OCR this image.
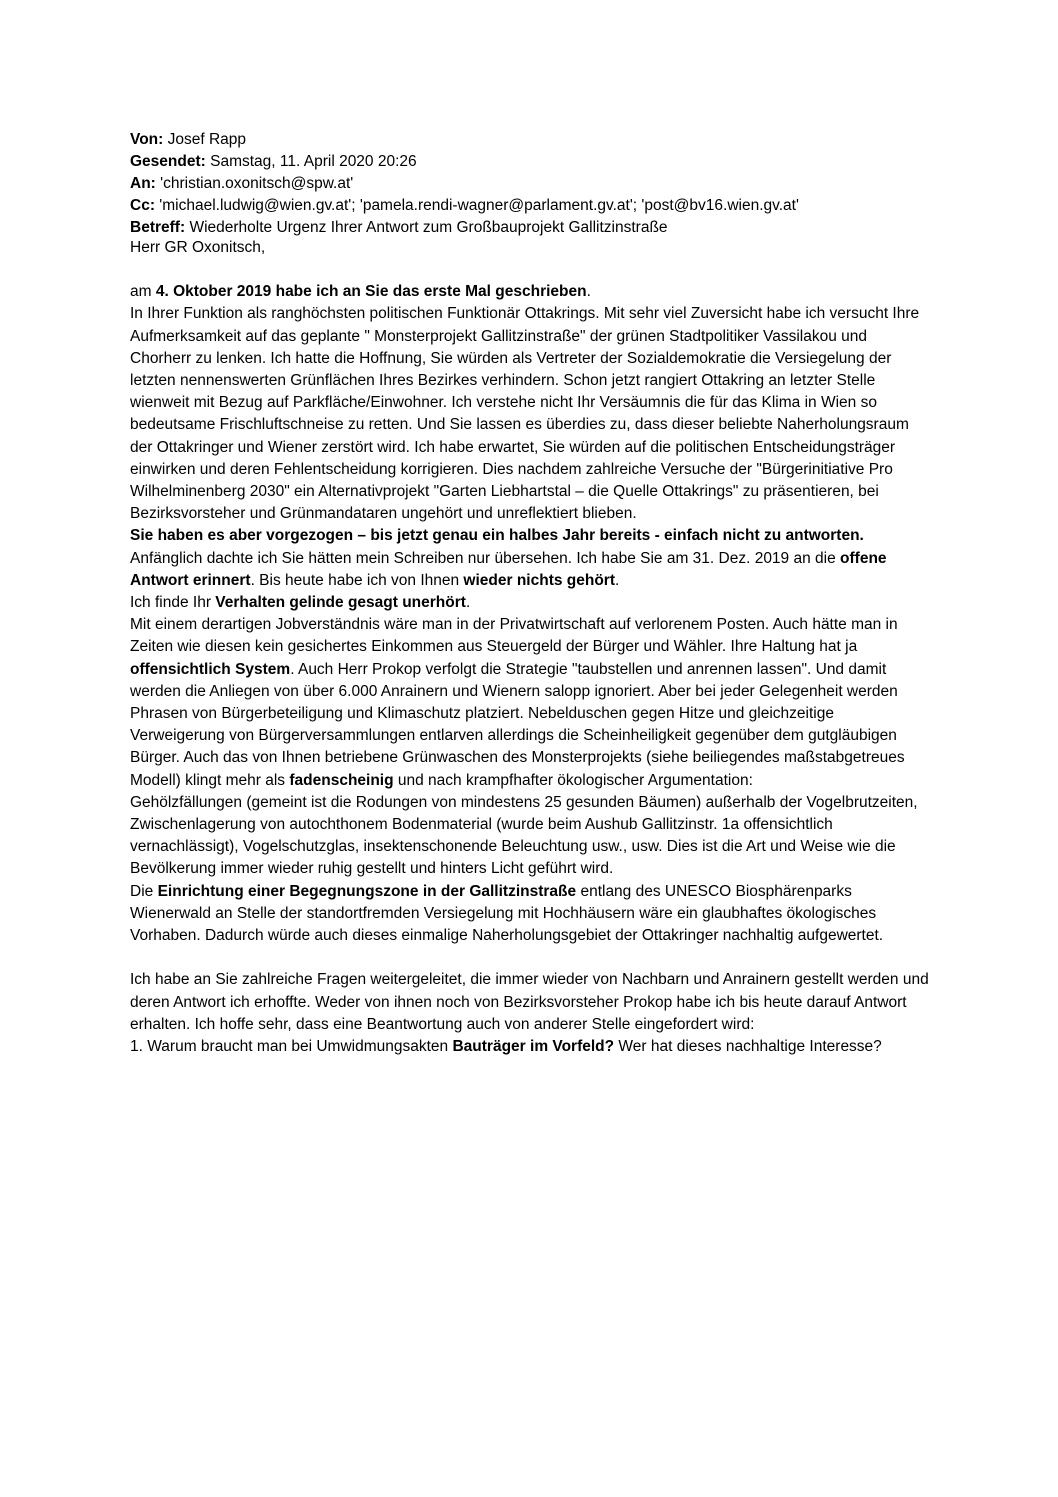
Von: Josef Rapp
Gesendet: Samstag, 11. April 2020 20:26
An: 'christian.oxonitsch@spw.at'
Cc: 'michael.ludwig@wien.gv.at'; 'pamela.rendi-wagner@parlament.gv.at'; 'post@bv16.wien.gv.at'
Betreff: Wiederholte Urgenz Ihrer Antwort zum Großbauprojekt Gallitzinstraße

Herr GR Oxonitsch,

am 4. Oktober 2019 habe ich an Sie das erste Mal geschrieben.

In Ihrer Funktion als ranghöchsten politischen Funktionär Ottakrings. Mit sehr viel Zuversicht habe ich versucht Ihre Aufmerksamkeit auf das geplante " Monsterprojekt Gallitzinstraße" der grünen Stadtpolitiker Vassilakou und Chorherr zu lenken. Ich hatte die Hoffnung, Sie würden als Vertreter der Sozialdemokratie die Versiegelung der letzten nennenswerten Grünflächen Ihres Bezirkes verhindern. Schon jetzt rangiert Ottakring an letzter Stelle wienweit mit Bezug auf Parkfläche/Einwohner. Ich verstehe nicht Ihr Versäumnis die für das Klima in Wien so bedeutsame Frischluftschneise zu retten. Und Sie lassen es überdies zu, dass dieser beliebte Naherholungsraum der Ottakringer und Wiener zerstört wird. Ich habe erwartet, Sie würden auf die politischen Entscheidungsträger einwirken und deren Fehlentscheidung korrigieren. Dies nachdem zahlreiche Versuche der "Bürgerinitiative Pro Wilhelminenberg 2030" ein Alternativprojekt "Garten Liebhartstal – die Quelle Ottakrings" zu präsentieren, bei Bezirksvorsteher und Grünmandataren ungehört und unreflektiert blieben.

Sie haben es aber vorgezogen – bis jetzt genau ein halbes Jahr bereits - einfach nicht zu antworten.

Anfänglich dachte ich Sie hätten mein Schreiben nur übersehen. Ich habe Sie am 31. Dez. 2019 an die offene Antwort erinnert. Bis heute habe ich von Ihnen wieder nichts gehört.

Ich finde Ihr Verhalten gelinde gesagt unerhört.

Mit einem derartigen Jobverständnis wäre man in der Privatwirtschaft auf verlorenem Posten. Auch hätte man in Zeiten wie diesen kein gesichertes Einkommen aus Steuergeld der Bürger und Wähler. Ihre Haltung hat ja offensichtlich System. Auch Herr Prokop verfolgt die Strategie "taubstellen und anrennen lassen". Und damit werden die Anliegen von über 6.000 Anrainern und Wienern salopp ignoriert. Aber bei jeder Gelegenheit werden Phrasen von Bürgerbeteiligung und Klimaschutz platziert. Nebelduschen gegen Hitze und gleichzeitige Verweigerung von Bürgerversammlungen entlarven allerdings die Scheinheiligkeit gegenüber dem gutgläubigen Bürger. Auch das von Ihnen betriebene Grünwaschen des Monsterprojekts (siehe beiliegendes maßstabgetreues Modell) klingt mehr als fadenscheinig und nach krampfhafter ökologischer Argumentation:

Gehölzfällungen (gemeint ist die Rodungen von mindestens 25 gesunden Bäumen) außerhalb der Vogelbrutzeiten, Zwischenlagerung von autochthonem Bodenmaterial (wurde beim Aushub Gallitzinstr. 1a offensichtlich vernachlässigt), Vogelschutzglas, insektenschonende Beleuchtung usw., usw. Dies ist die Art und Weise wie die Bevölkerung immer wieder ruhig gestellt und hinters Licht geführt wird.

Die Einrichtung einer Begegnungszone in der Gallitzinstraße entlang des UNESCO Biosphärenparks Wienerwald an Stelle der standortfremden Versiegelung mit Hochhäusern wäre ein glaubhaftes ökologisches Vorhaben. Dadurch würde auch dieses einmalige Naherholungsgebiet der Ottakringer nachhaltig aufgewertet.

Ich habe an Sie zahlreiche Fragen weitergeleitet, die immer wieder von Nachbarn und Anrainern gestellt werden und deren Antwort ich erhoffte. Weder von ihnen noch von Bezirksvorsteher Prokop habe ich bis heute darauf Antwort erhalten. Ich hoffe sehr, dass eine Beantwortung auch von anderer Stelle eingefordert wird:

1. Warum braucht man bei Umwidmungsakten Bauträger im Vorfeld? Wer hat dieses nachhaltige Interesse?
